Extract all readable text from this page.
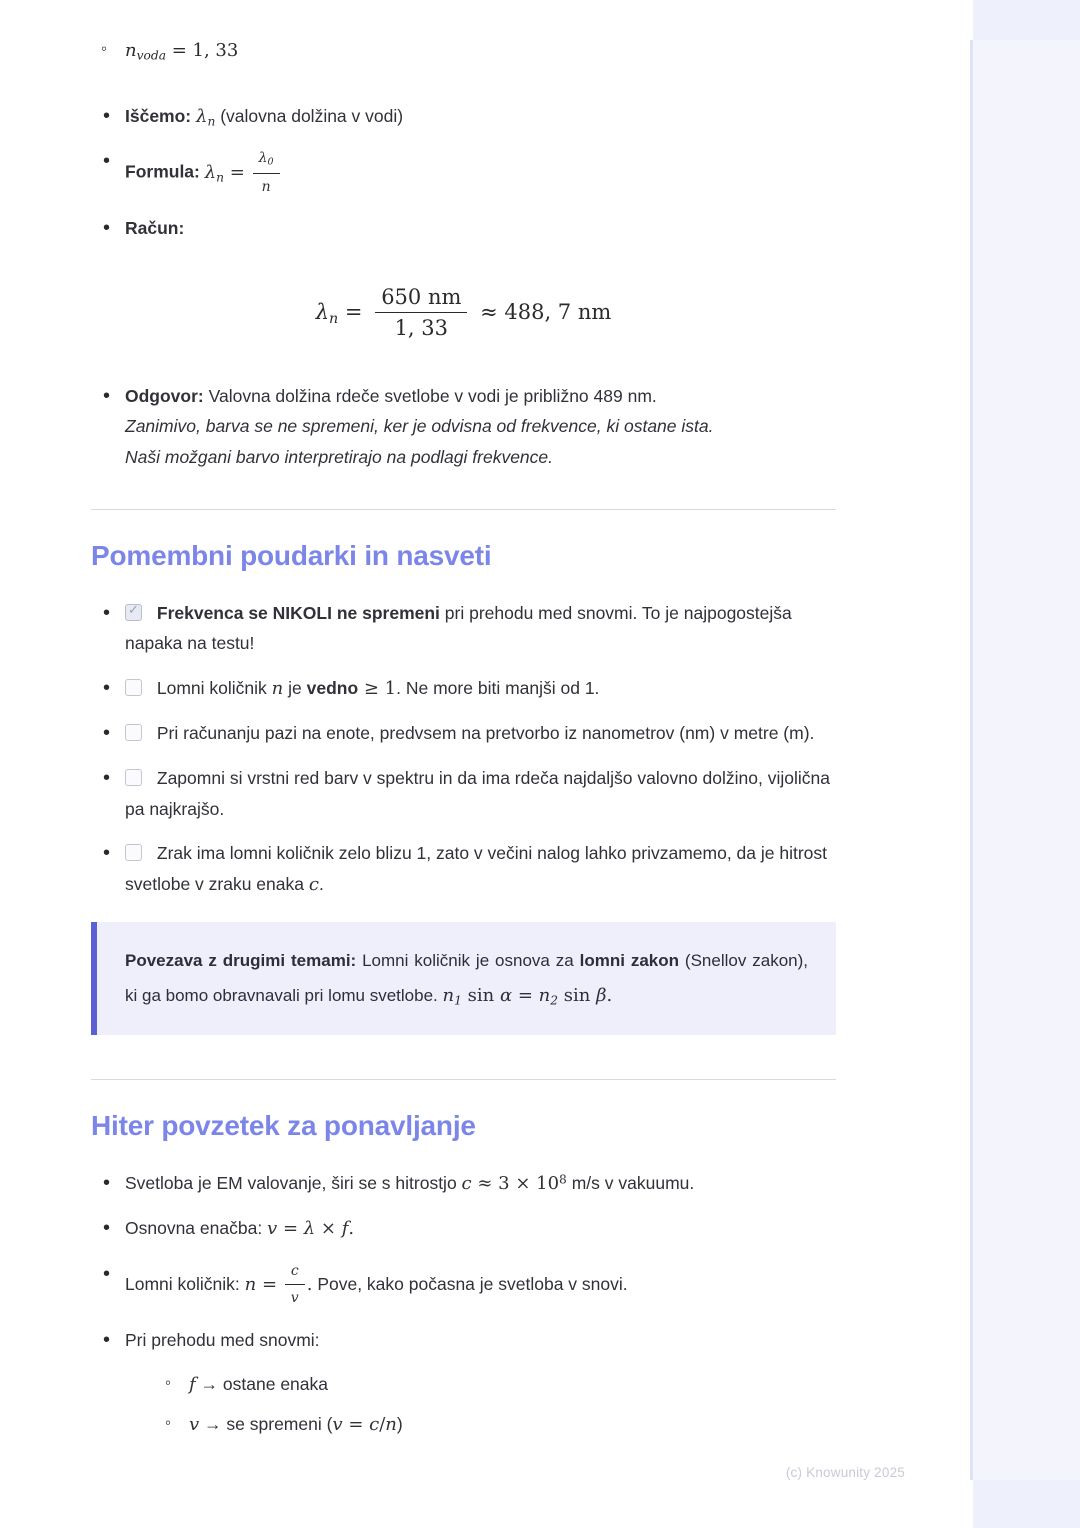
◦ $n_{voda} = 1$, 33
• Iščemo: $\lambda_n$ (valovna dolžina v vodi)
• Formula: $\lambda_n = \frac{\lambda_0}{n}$
• Račun:
$\lambda_n = \frac{650 nm}{1, 33} \approx 488$, 7 nm
• Odgovor: Valovna dolžina rdeče svetlobe v vodi je približno 489 nm.
Zanimivo, barva se ne spremeni, ker je odvisna od frekvence, ki ostane ista.
Naši možgani barvo interpretirajo na podlagi frekvence.
Pomembni poudarki in nasveti
✓ • Frekvenca se NIKOLI ne spremeni pri prehodu med snovmi. To je najpogostejša napaka na testu!
• Lomni količnik n je vedno ≥ 1. Ne more biti manjši od 1.
• Pri računanju pazi na enote, predvsem na pretvorbo iz nanometrov (nm) v metre (m).
• Zapomni si vrstni red barv v spektru in da ima rdeča najdaljšo valovno dolžino, vijolična pa najkrajšo.
• Zrak ima lomni količnik zelo blizu 1, zato v večini nalog lahko privzamemo, da je hitrost svetlobe v zraku enaka c.
Povezava z drugimi temami: Lomni količnik je osnova za lomni zakon (Snellov zakon), ki ga bomo obravnavali pri lomu svetlobe. $n_1$ $\sin \alpha = n_2$ sin β.
Hiter povzetek za ponavljanje
• Svetloba je EM valovanje, širi se s hitrostjo $c \approx 3 \times 10^8$ m/s v vakuumu.
• Osnovna enačba: v = λ × f.
• Lomni količnik: $n = \frac{c}{v}$ . Pove, kako počasna je svetloba v snovi.
• Pri prehodu med snovmi:
◦ f → ostane enaka
◦ v → se spremeni (v = c/n)
(c) Knowunity 2025
